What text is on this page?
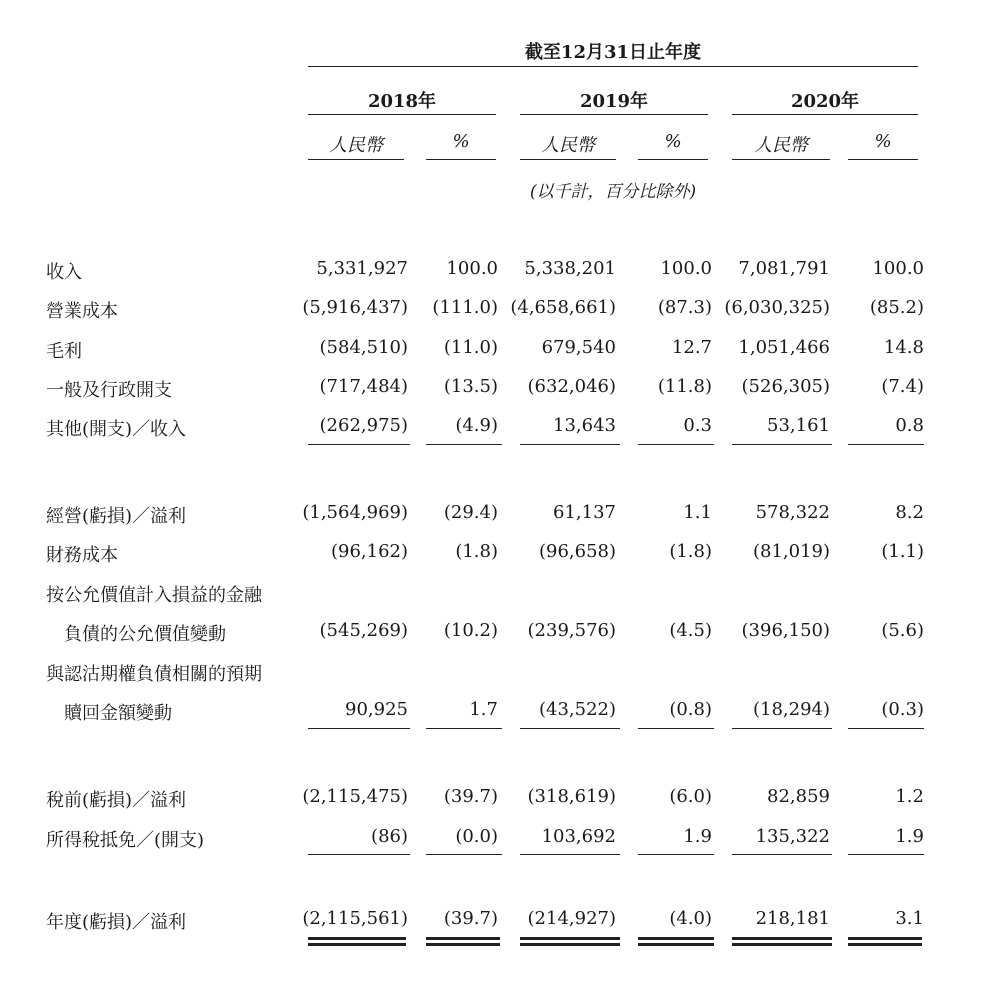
截至12月31日止年度
2018年	2019年	2020年
人民幣	%	人民幣	%	人民幣	%
(以千計，百分比除外)
收入	5,331,927 100.0 5,338,201 100.0 7,081,791 100.0
營業成本	(5,916,437) (111.0) (4,658,661) (87.3) (6,030,325) (85.2)
毛利	(584,510) (11.0) 679,540	12.7 1,051,466	14.8
一般及行政開支	(717,484) (13.5) (632,046) (11.8) (526,305)	(7.4)
其他(開支)／收入	(262,975)	(4.9)	13,643	0.3	53,161	0.8
經營(虧損)／溢利	(1,564,969) (29.4)	61,137	1.1 578,322	8.2
財務成本	(96,162)	(1.8) (96,658)	(1.8) (81,019)	(1.1)
按公允價值計入損益的金融
負債的公允價值變動	(545,269) (10.2) (239,576)	(4.5) (396,150)	(5.6)
與認沽期權負債相關的預期
贖回金額變動	90,925	1.7 (43,522)	(0.8) (18,294)	(0.3)
稅前(虧損)／溢利	(2,115,475) (39.7) (318,619)	(6.0)	82,859	1.2
所得稅抵免／(開支)	(86)	(0.0) 103,692	1.9 135,322	1.9
年度(虧損)／溢利	(2,115,561) (39.7) (214,927)	(4.0) 218,181	3.1
